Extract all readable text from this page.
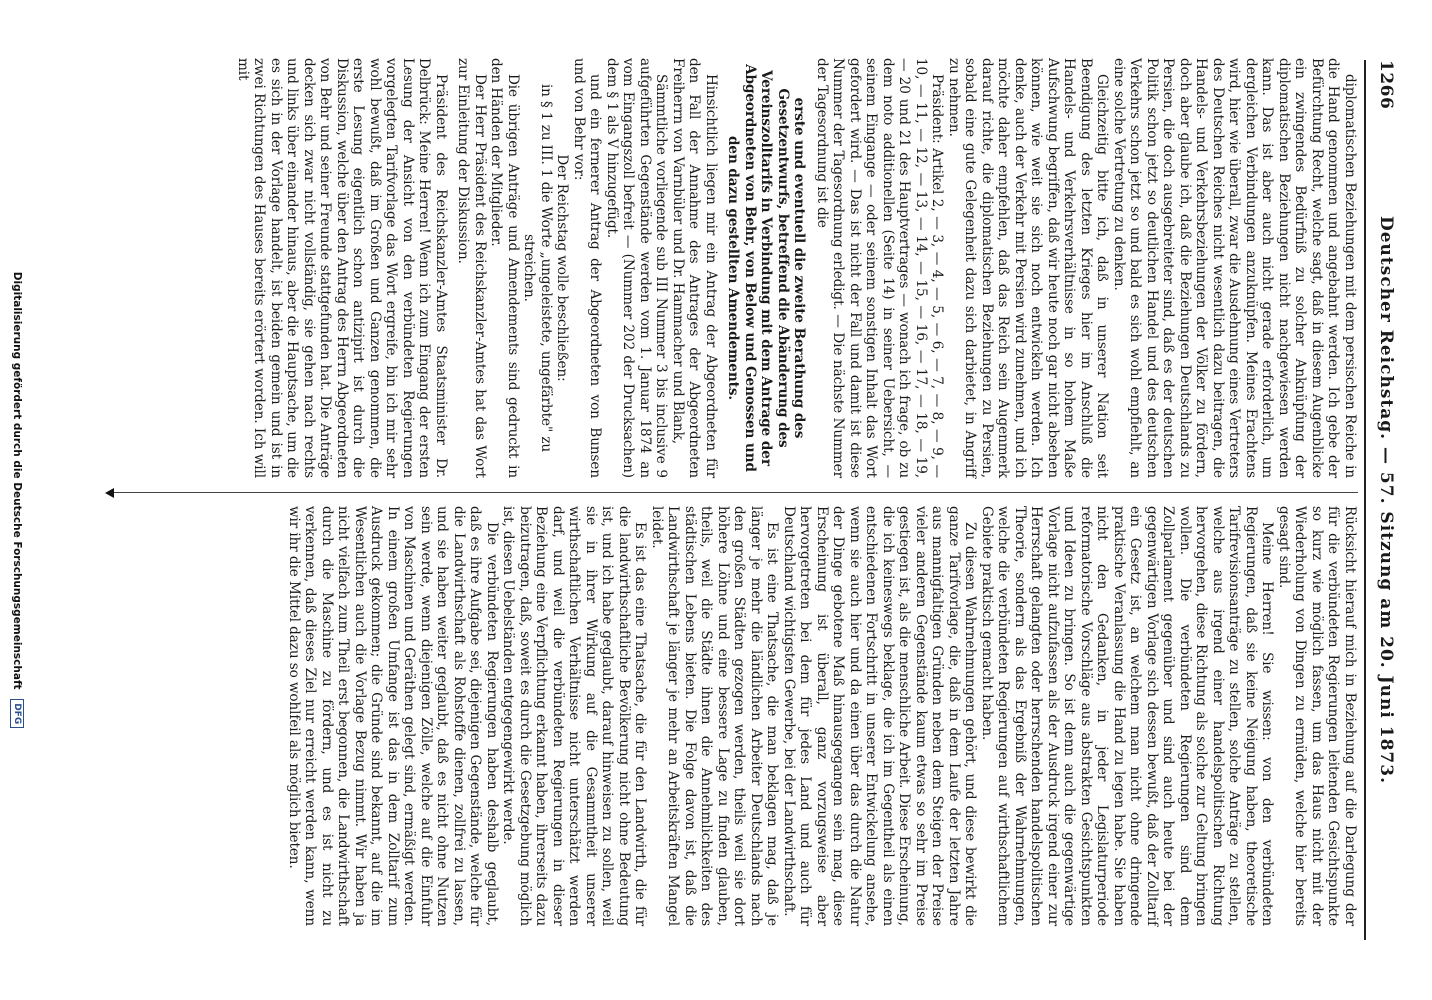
1266
Deutscher Reichstag. — 57. Sitzung am 20. Juni 1873.

diplomatischen Beziehungen mit dem persischen Reiche in die Hand genommen und angebahnt werden. Ich gebe der Befürchtung Recht, welche sagt, daß in diesem Augenblicke ein zwingendes Bedürfniß zu solcher Anknüpfung der diplomatischen Beziehungen nicht nachgewiesen werden kann. Das ist aber auch nicht gerade erforderlich, um dergleichen Verbindungen anzuknüpfen. Meines Erachtens wird, hier wie überall, zwar die Ausdehnung eines Vertreters des Deutschen Reiches nicht wesentlich dazu beitragen, die Handels- und Verkehrsbeziehungen der Völker zu fördern, doch aber glaube ich, daß die Beziehungen Deutschlands zu Persien, die doch ausgebreiteter sind, daß es der deutschen Politik schon jetzt so deutlichen Handel und des deutschen Verkehrs schon jetzt so und bald es sich wohl empfiehlt, an eine solche Vertretung zu denken.

Gleichzeitig bitte ich, daß in unserer Nation seit Beendigung des letzten Krieges hier im Anschluß die Handels- und Verkehrsverhältnisse in so hohem Maße Aufschwung begriffen, daß wir heute noch gar nicht absehen können, wie weit sie sich noch entwickeln werden. Ich denke, auch der Verkehr mit Persien wird zunehmen, und ich möchte daher empfehlen, daß das Reich sein Augenmerk darauf richte, die diplomatischen Beziehungen zu Persien, sobald eine gute Gelegenheit dazu sich darbietet, in Angriff zu nehmen.

Präsident: Artikel 2, — 3, — 4, — 5, — 6, — 7, — 8, — 9, — 10, — 11, — 12, — 13, — 14, — 15, — 16, — 17, — 18, — 19, — 20 und 21 des Hauptvertrages — wonach ich frage, ob zu dem noto additionellen (Seite 14) in seiner Uebersicht, — seinem Eingange — oder seinem sonstigen Inhalt das Wort gefordert wird. — Das ist nicht der Fall und damit ist diese Nummer der Tagesordnung erledigt. — Die nächste Nummer der Tagesordnung ist die

erste und eventuell die zweite Berathung des Gesetzentwurfs, betreffend die Abänderung des Vereinszolltarifs in Verbindung mit dem Antrage der Abgeordneten von Behr, von Below und Genossen und den dazu gestellten Amendements.

Hinsichtlich liegen mir ein Antrag der Abgeordneten für den Fall der Annahme des Antrages der Abgeordneten Freiherrn von Varnbüler und Dr. Hammacher und Blank,

Sämmtliche vorliegende sub III Nummer 3 bis inclusive 9 aufgeführten Gegenstände werden vom 1. Januar 1874 an vom Eingangszoll befreit — (Nummer 202 der Drucksachen) dem § 1 als V hinzugefügt.

und ein fernerer Antrag der Abgeordneten von Bunsen und von Behr vor:

Der Reichstag wolle beschließen:

in § 1 zu III. 1 die Worte „ungeleistete, ungefärbte" zu streichen.

Die übrigen Anträge und Amendements sind gedruckt in den Händen der Mitglieder.

Der Herr Präsident des Reichskanzler-Amtes hat das Wort zur Einleitung der Diskussion.

Präsident des Reichskanzler-Amtes Staatsminister Dr. Delbrück: Meine Herren! Wenn ich zum Eingang der ersten Lesung der Ansicht von den verbündeten Regierungen vorgelegten Tarifvorlage das Wort ergreife, bin ich mir sehr wohl bewußt, daß im Großen und Ganzen genommen, die erste Lesung eigentlich schon antizipirt ist durch die Diskussion, welche über den Antrag des Herrn Abgeordneten von Behr und seiner Freunde stattgefunden hat. Die Anträge decken sich zwar nicht vollständig, sie gehen nach rechts und links über einander hinaus, aber die Hauptsache, um die es sich in der Vorlage handelt, ist beiden gemein und ist in zwei Richtungen des Hauses bereits erörtert worden. Ich will mit

Rücksicht hierauf mich in Beziehung auf die Darlegung der für die verbündeten Regierungen leitenden Gesichtspunkte so kurz wie möglich fassen, um das Haus nicht mit der Wiederholung von Dingen zu ermüden, welche hier bereits gesagt sind.

Meine Herren! Sie wissen: von den verbündeten Regierungen, daß sie keine Neigung haben, theoretische Tarifrevisionsanträge zu stellen, solche Anträge zu stellen, welche aus irgend einer handelspolitischen Richtung hervorgehen, diese Richtung als solche zur Geltung bringen wollen. Die verbündeten Regierungen sind dem Zollparlament gegenüber und sind auch heute bei der gegenwärtigen Vorlage sich dessen bewußt, daß der Zolltarif ein Gesetz ist, an welchem man nicht ohne dringende praktische Veranlassung die Hand zu legen habe. Sie haben nicht den Gedanken, in jeder Legislaturperiode reformatorische Vorschläge aus abstrakten Gesichtspunkten und Ideen zu bringen. So ist denn auch die gegenwärtige Vorlage nicht aufzufassen als der Ausdruck irgend einer zur Herrschaft gelangten oder herrschenden handelspolitischen Theorie, sondern als das Ergebniß der Wahrnehmungen, welche die verbündeten Regierungen auf wirthschaftlichem Gebiete praktisch gemacht haben.

Zu diesen Wahrnehmungen gehört, und diese bewirkt die ganze Tarifvorlage, die, daß in dem Laufe der letzten Jahre aus mannigfaltigen Gründen neben dem Steigen der Preise vieler anderen Gegenstände kaum etwas so sehr im Preise gestiegen ist, als die menschliche Arbeit. Diese Erscheinung, die ich keineswegs beklage, die ich im Gegentheil als einen entschiedenen Fortschritt in unserer Entwickelung ansehe, wenn sie auch hier und da einen über das durch die Natur der Dinge gebotene Maß hinausgegangen sein mag, diese Erscheinung ist überall, ganz vorzugsweise aber hervorgetreten bei dem für jedes Land und auch für Deutschland wichtigsten Gewerbe, bei der Landwirthschaft.

Es ist eine Thatsache, die man beklagen mag, daß je länger je mehr die ländlichen Arbeiter Deutschlands nach den großen Städten gezogen werden, theils weil sie dort höhere Löhne und eine bessere Lage zu finden glauben, theils, weil die Städte ihnen die Annehmlichkeiten des städtischen Lebens bieten. Die Folge davon ist, daß die Landwirthschaft je länger je mehr an Arbeitskräften Mangel leidet.

Es ist das eine Thatsache, die für den Landwirth, die für die landwirthschaftliche Bevölkerung nicht ohne Bedeutung ist, und ich habe geglaubt, darauf hinweisen zu sollen, weil sie in ihrer Wirkung auf die Gesammtheit unserer wirthschaftlichen Verhältnisse nicht unterschätzt werden darf, und weil die verbündeten Regierungen in dieser Beziehung eine Verpflichtung erkannt haben, ihrerseits dazu beizutragen, daß, soweit es durch die Gesetzgebung möglich ist, diesen Uebelständen entgegengewirkt werde.

Die verbündeten Regierungen haben deshalb geglaubt, daß es ihre Aufgabe sei, diejenigen Gegenstände, welche für die Landwirthschaft als Rohstoffe dienen, zollfrei zu lassen, und sie haben weiter geglaubt, daß es nicht ohne Nutzen sein werde, wenn diejenigen Zölle, welche auf die Einfuhr von Maschinen und Geräthen gelegt sind, ermäßigt werden. In einem großen Umfange ist das in dem Zolltarif zum Ausdruck gekommen; die Gründe sind bekannt, auf die im Wesentlichen auch die Vorlage Bezug nimmt. Wir haben ja nicht vielfach zum Theil erst begonnen, die Landwirthschaft durch die Maschine zu fördern, und es ist nicht zu verkennen, daß dieses Ziel nur erreicht werden kann, wenn wir ihr die Mittel dazu so wohlfeil als möglich bieten.

Digitalisierung gefördert durch die Deutsche Forschungsgemeinschaft DFG
